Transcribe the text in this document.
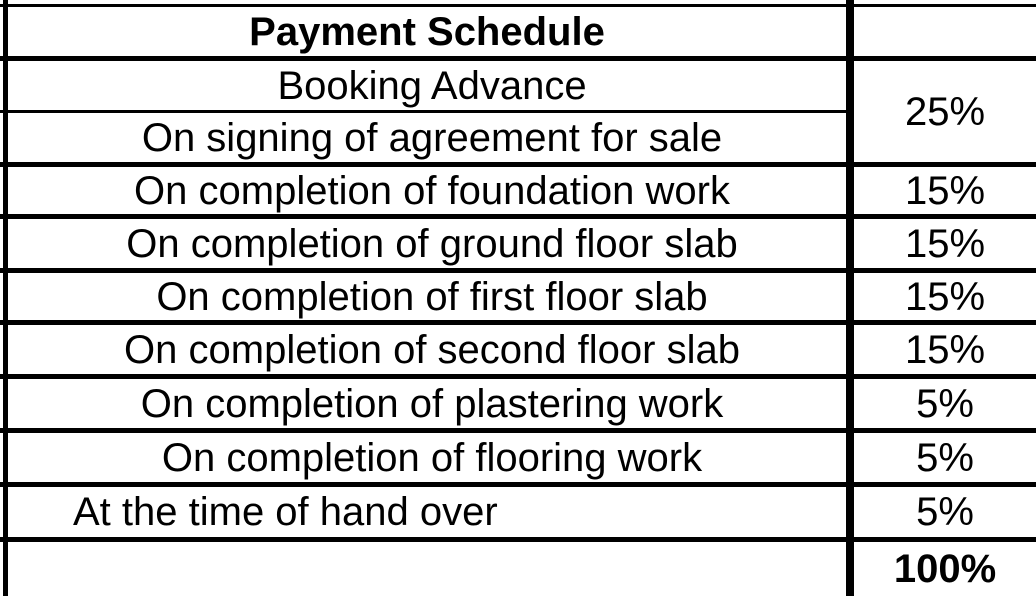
Payment Schedule
Booking Advance
On signing of agreement for sale
On completion of foundation work
On completion of ground floor slab
On completion of first floor slab
On completion of second floor slab
On completion of plastering work
On completion of flooring work
At the time of hand over
25%
15%
15%
15%
15%
5%
5%
5%
100%
